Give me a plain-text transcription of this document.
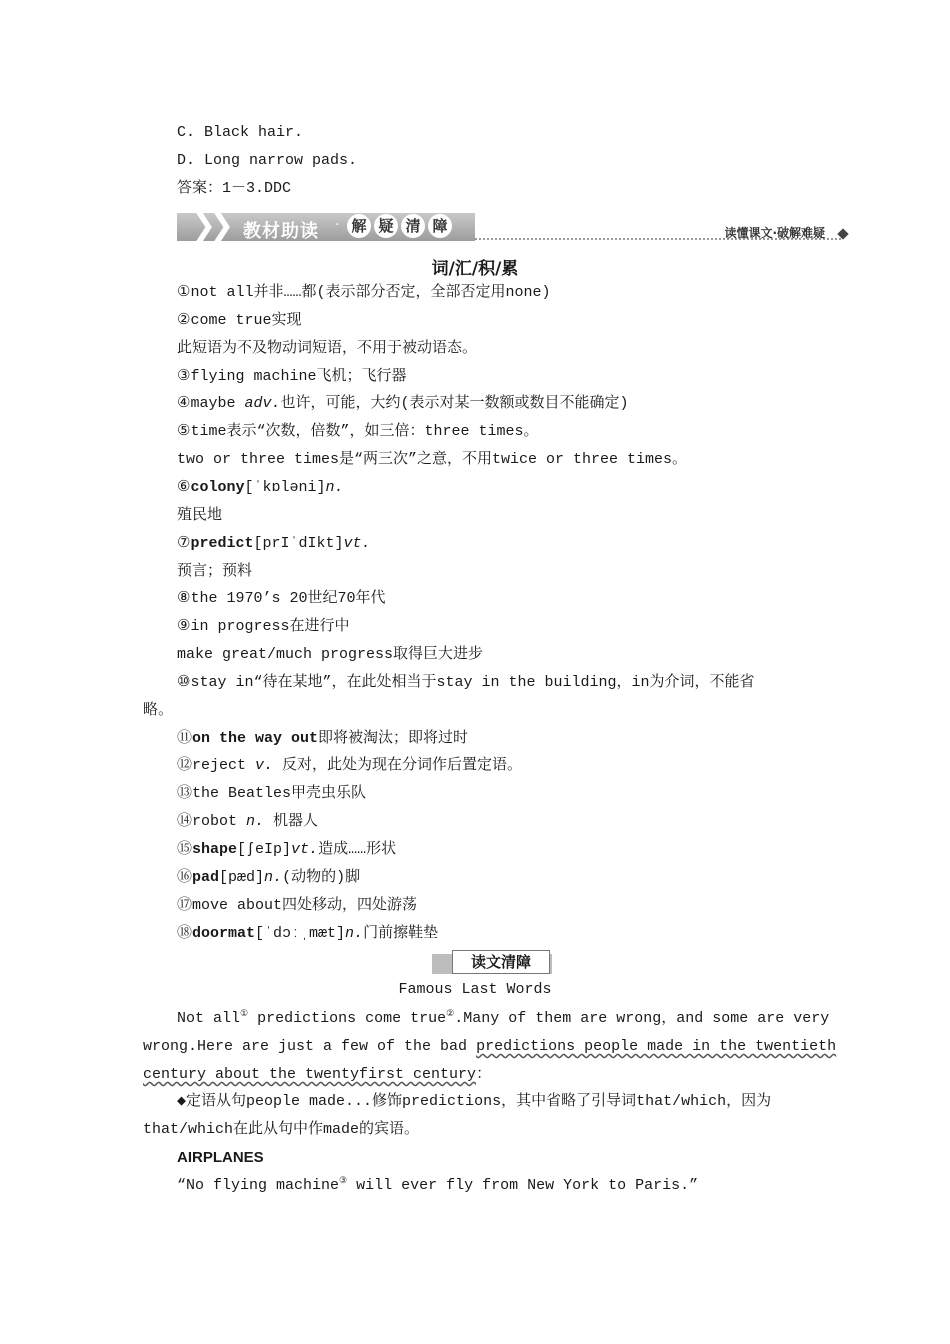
C. Black hair.
D. Long narrow pads.
答案：1－3.DDC
❯
❯ 教材助读 · 解 疑 清 障	读懂课文·破解难疑
词/汇/积/累
①not all并非……都(表示部分否定，全部否定用none)
②come true实现
此短语为不及物动词短语，不用于被动语态。
③flying machine飞机；飞行器
④maybe adv.也许，可能，大约(表示对某一数额或数目不能确定)
⑤time表示“次数，倍数”，如三倍：three times。
two or three times是“两三次”之意，不用twice or three times。
⑥colony[ˈkɒləni]n.
殖民地
⑦predict[prIˈdIkt]vt.
预言；预料
⑧the 1970’s 20世纪70年代
⑨in progress在进行中
make great/much progress取得巨大进步
⑩stay in“待在某地”，在此处相当于stay in the building，in为介词，不能省
略。
⑪on the way out即将被淘汰；即将过时
⑫reject v. 反对，此处为现在分词作后置定语。
⑬the Beatles甲壳虫乐队
⑭robot n. 机器人
⑮shape[ʃeIp]vt.造成……形状
⑯pad[pæd]n.(动物的)脚
⑰move about四处移动，四处游荡
⑱doormat[ˈdɔːˌmæt]n.门前擦鞋垫
读文清障
Famous Last Words
Not all① predictions come true②.Many of them are wrong，and some are very
wrong.Here are just a few of the bad predictions people made in the twentieth
century about the twentyfirst century：
◆定语从句people made...修饰predictions，其中省略了引导词that/which，因为
that/which在此从句中作made的宾语。
AIRPLANES
“No flying machine③ will ever fly from New York to Paris.”
